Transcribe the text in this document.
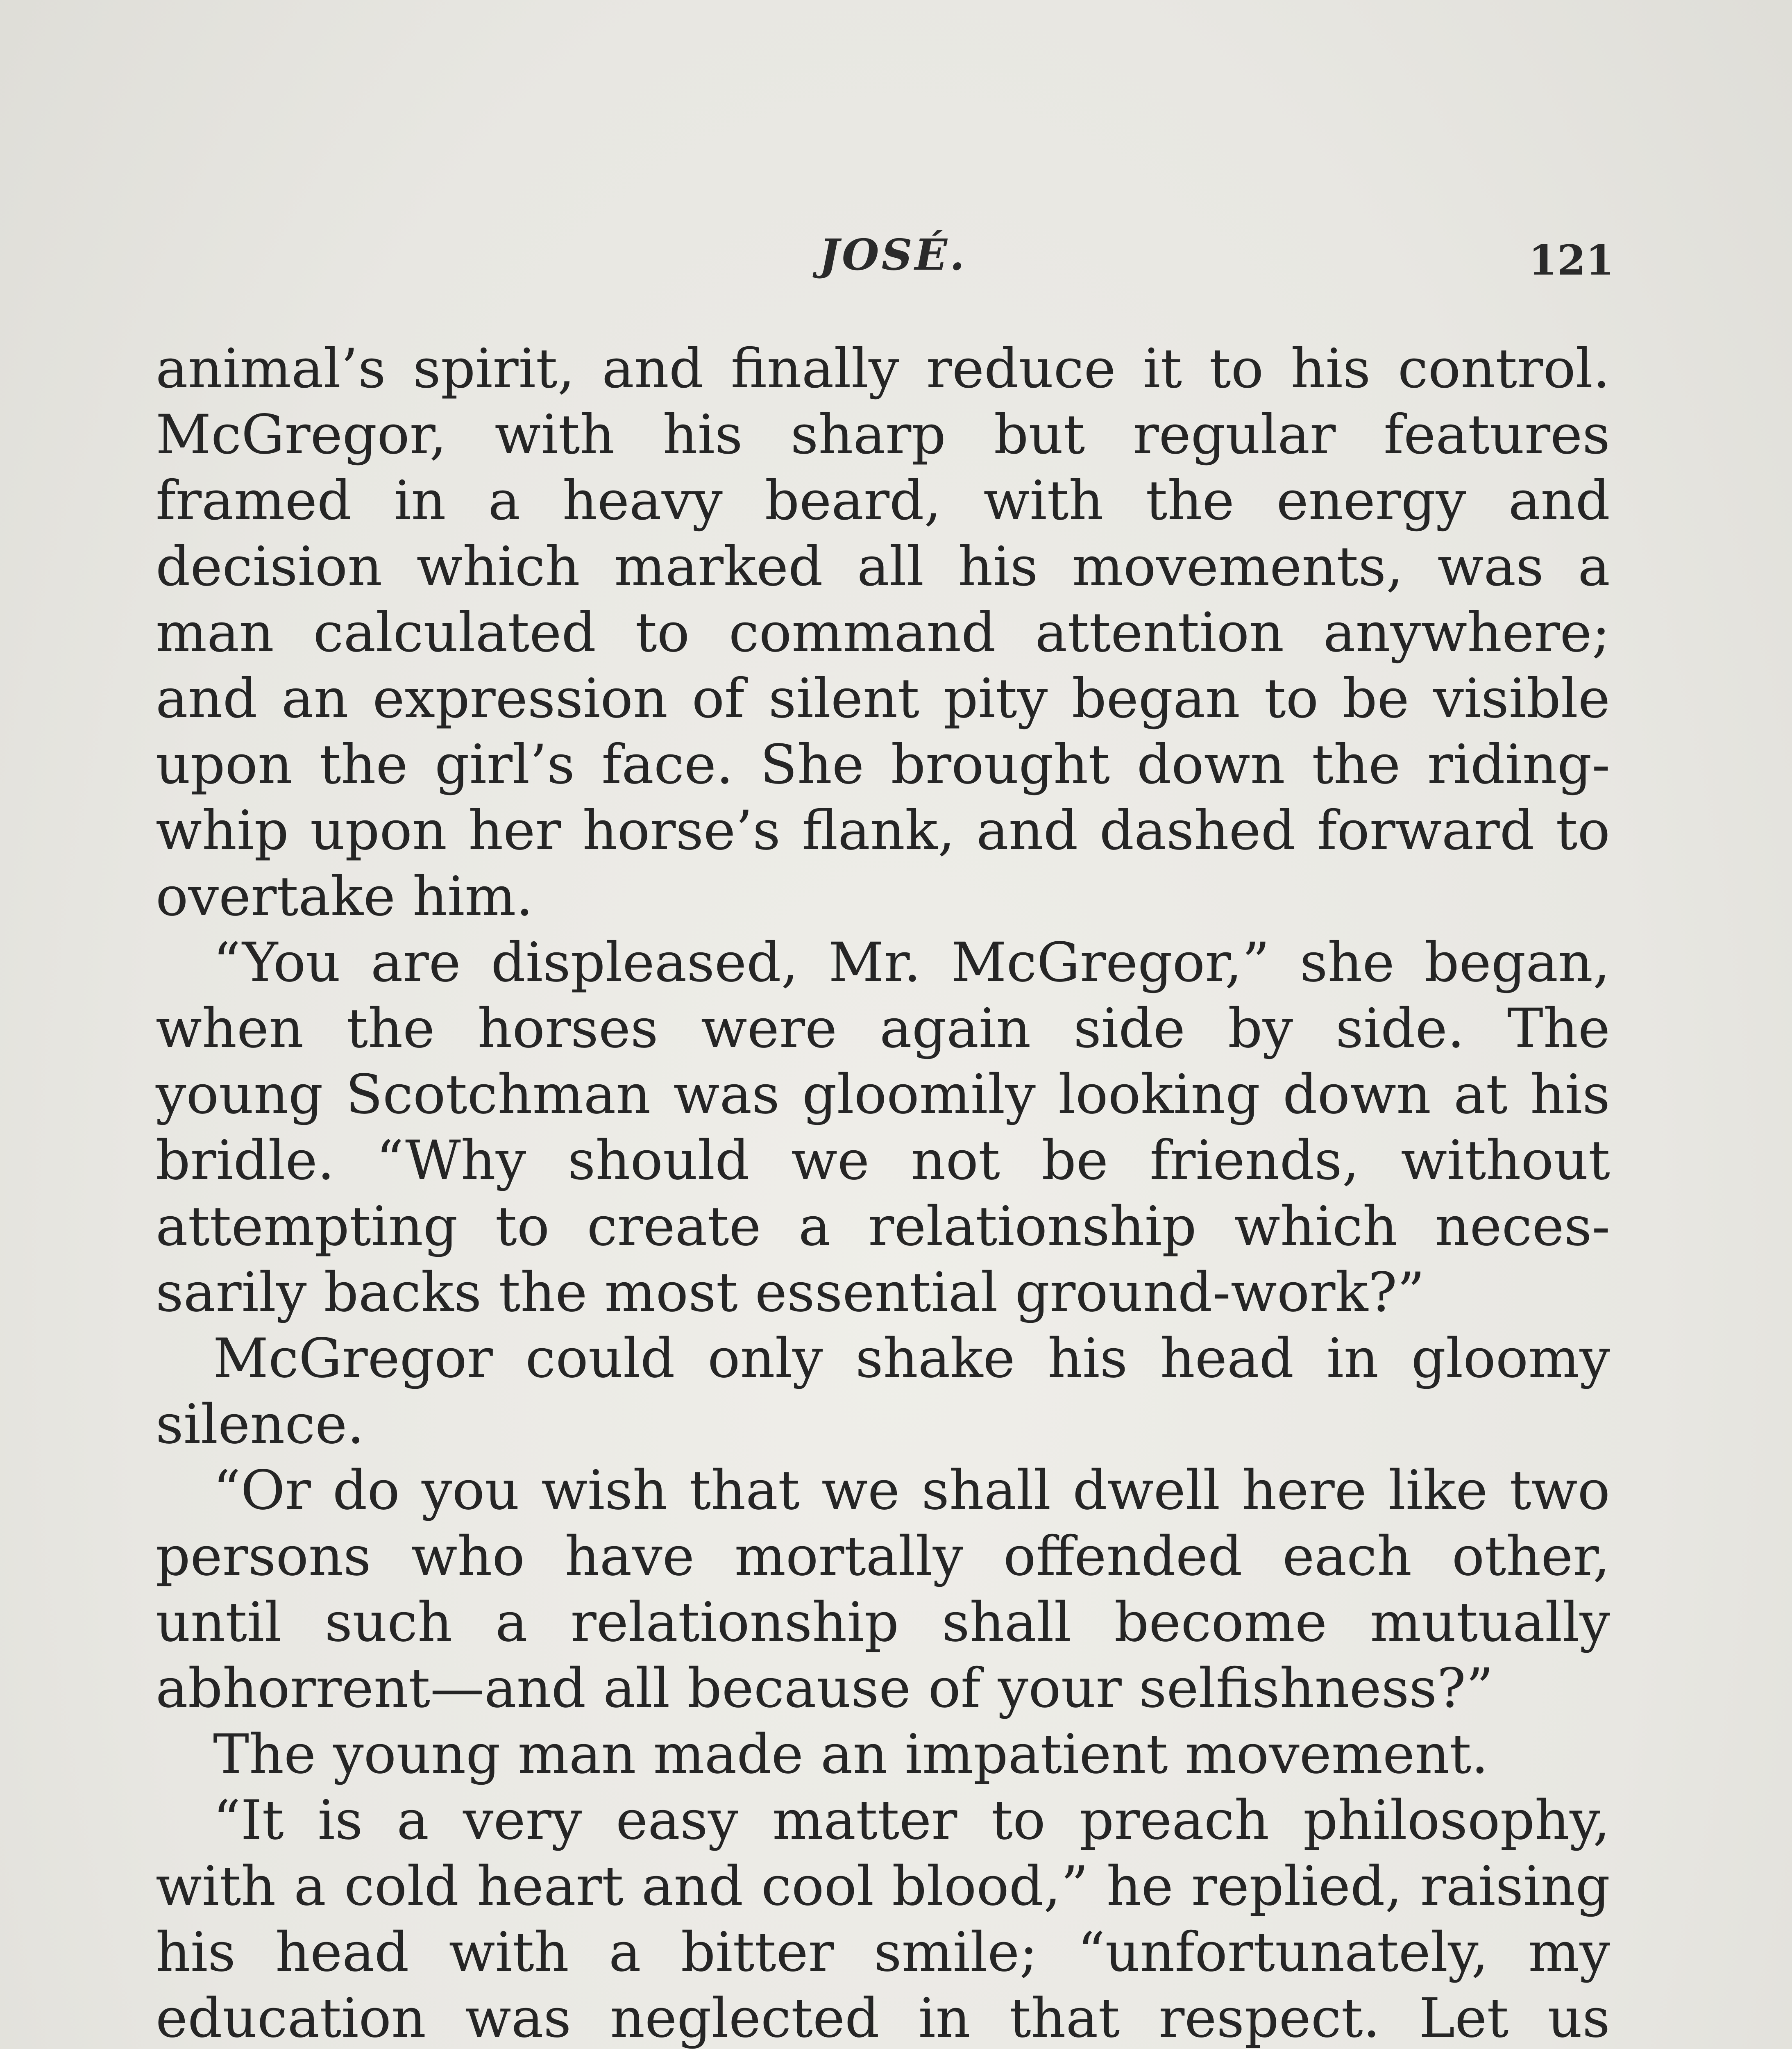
JOSÉ.	121
animal’s spirit, and finally reduce it to his control.
McGregor, with his sharp but regular features
framed in a heavy beard, with the energy and
decision which marked all his movements, was a
man calculated to command attention anywhere;
and an expression of silent pity began to be visible
upon the girl’s face. She brought down the riding-
whip upon her horse’s flank, and dashed forward to
overtake him.
“You are displeased, Mr. McGregor,” she began,
when the horses were again side by side. The
young Scotchman was gloomily looking down at his
bridle. “Why should we not be friends, without
attempting to create a relationship which neces-
sarily backs the most essential ground-work?”
McGregor could only shake his head in gloomy
silence.
“Or do you wish that we shall dwell here like two
persons who have mortally offended each other,
until such a relationship shall become mutually
abhorrent—and all because of your selfishness?”
The young man made an impatient movement.
“It is a very easy matter to preach philosophy,
with a cold heart and cool blood,” he replied, raising
his head with a bitter smile; “unfortunately, my
education was neglected in that respect. Let us
